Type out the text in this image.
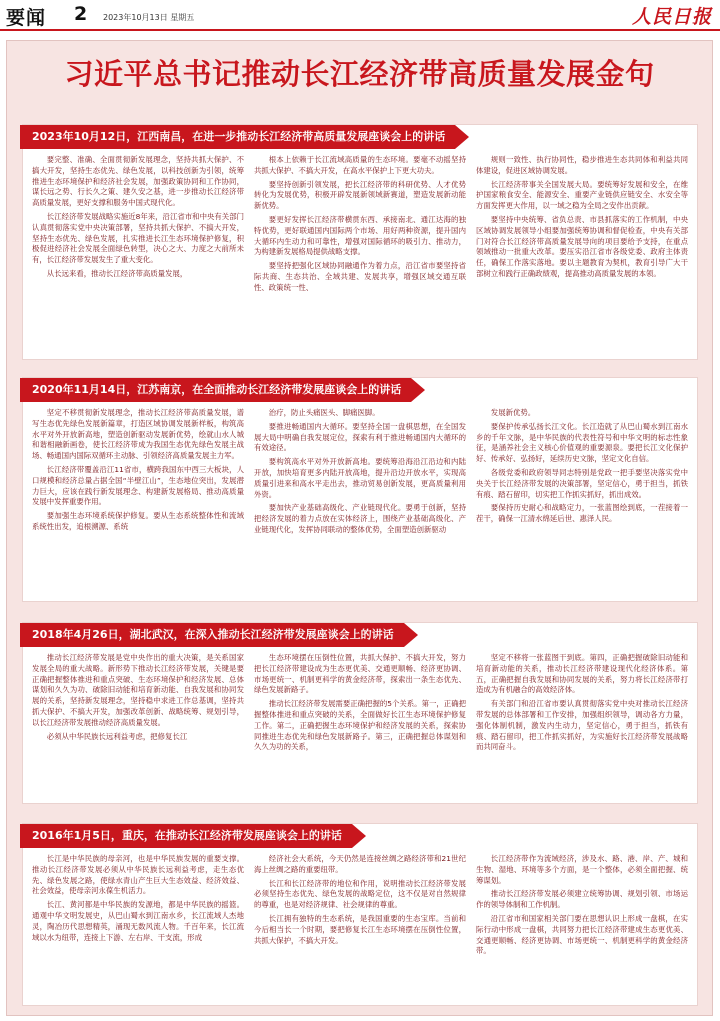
要闻 2 2023年10月13日 星期五	人民日报
习近平总书记推动长江经济带高质量发展金句
2023年10月12日，江西南昌，在进一步推动长江经济带高质量发展座谈会上的讲话

要完整、准确、全面贯彻新发展理念，坚持共抓大保护、不搞大开发，坚持生态优先、绿色发展，以科技创新为引领，统筹推进生态环境保护和经济社会发展，加强政策协同和工作协同，谋长远之势、行长久之策、建久安之基，进一步推动长江经济带高质量发展，更好支撑和服务中国式现代化。

长江经济带发展战略实施近8年来，沿江省市和中央有关部门认真贯彻落实党中央决策部署，坚持共抓大保护、不搞大开发，坚持生态优先、绿色发展，扎实推进长江生态环境保护修复，积极促进经济社会发展全面绿色转型，决心之大、力度之大前所未有，长江经济带发展发生了重大变化。

从长远来看，推动长江经济带高质量发展，

根本上依赖于长江流域高质量的生态环境。要毫不动摇坚持共抓大保护、不搞大开发，在高水平保护上下更大功夫。

要坚持创新引领发展，把长江经济带的科研优势、人才优势转化为发展优势，积极开辟发展新领域新赛道，塑造发展新动能新优势。

要更好发挥长江经济带横贯东西、承接南北、通江达海的独特优势，更好联通国内国际两个市场、用好两种资源，提升国内大循环内生动力和可靠性，增强对国际循环的吸引力、推动力，为构建新发展格局提供战略支撑。

要坚持把强化区域协同融通作为着力点，沿江省市要坚持省际共商、生态共治、全域共建、发展共享，增强区域交通互联性、政策统一性、

规则一致性、执行协同性，稳步推进生态共同体和利益共同体建设，促进区域协调发展。

长江经济带事关全国发展大局。要统筹好发展和安全，在维护国家粮食安全、能源安全、重要产业链供应链安全、水安全等方面发挥更大作用，以一域之稳为全局之安作出贡献。

要坚持中央统筹、省负总责、市县抓落实的工作机制，中央区域协调发展领导小组要加强统筹协调和督促检查，中央有关部门对符合长江经济带高质量发展导向的项目要给予支持，在重点领域推动一批重大改革。要压实沿江省市各级党委、政府主体责任，确保工作落实落地。要以主题教育为契机，教育引导广大干部树立和践行正确政绩观，提高推动高质量发展的本领。

2020年11月14日，江苏南京，在全面推动长江经济带发展座谈会上的讲话

坚定不移贯彻新发展理念，推动长江经济带高质量发展，谱写生态优先绿色发展新篇章，打造区域协调发展新样板，构筑高水平对外开放新高地，塑造创新驱动发展新优势，绘就山水人城和谐相融新画卷，使长江经济带成为我国生态优先绿色发展主战场、畅通国内国际双循环主动脉、引领经济高质量发展主力军。

长江经济带覆盖沿江11省市，横跨我国东中西三大板块，人口规模和经济总量占据全国“半壁江山”，生态地位突出，发展潜力巨大，应该在践行新发展理念、构建新发展格局、推动高质量发展中发挥重要作用。

要加强生态环境系统保护修复。要从生态系统整体性和流域系统性出发，追根溯源、系统

治疗，防止头痛医头、脚痛医脚。

要推进畅通国内大循环。要坚持全国一盘棋思想，在全国发展大局中明确自我发展定位，探索有利于推进畅通国内大循环的有效途径。

要构筑高水平对外开放新高地。要统筹沿海沿江沿边和内陆开放，加快培育更多内陆开放高地，提升沿边开放水平，实现高质量引进来和高水平走出去，推动贸易创新发展，更高质量利用外资。

要加快产业基础高级化、产业链现代化。要勇于创新，坚持把经济发展的着力点放在实体经济上，围绕产业基础高级化、产业链现代化，发挥协同联动的整体优势，全面塑造创新驱动

发展新优势。

要保护传承弘扬长江文化。长江造就了从巴山蜀水到江南水乡的千年文脉，是中华民族的代表性符号和中华文明的标志性象征，是涵养社会主义核心价值观的重要源泉。要把长江文化保护好、传承好、弘扬好，延续历史文脉，坚定文化自信。

各级党委和政府领导同志特别是党政一把手要坚决落实党中央关于长江经济带发展的决策部署，坚定信心，勇于担当，抓铁有痕、踏石留印，切实把工作抓实抓好，抓出成效。

要保持历史耐心和战略定力，一张蓝图绘到底，一茬接着一茬干，确保一江清水绵延后世、惠泽人民。

2018年4月26日，湖北武汉，在深入推动长江经济带发展座谈会上的讲话

推动长江经济带发展是党中央作出的重大决策，是关系国家发展全局的重大战略。新形势下推动长江经济带发展，关键是要正确把握整体推进和重点突破、生态环境保护和经济发展、总体谋划和久久为功、破除旧动能和培育新动能、自我发展和协同发展的关系，坚持新发展理念，坚持稳中求进工作总基调，坚持共抓大保护、不搞大开发，加强改革创新、战略统筹、规划引导，以长江经济带发展推动经济高质量发展。

必须从中华民族长远利益考虑，把修复长江

生态环境摆在压倒性位置，共抓大保护、不搞大开发，努力把长江经济带建设成为生态更优美、交通更顺畅、经济更协调、市场更统一、机制更科学的黄金经济带，探索出一条生态优先、绿色发展新路子。

推动长江经济带发展需要正确把握的5个关系。第一，正确把握整体推进和重点突破的关系，全面做好长江生态环境保护修复工作。第二，正确把握生态环境保护和经济发展的关系，探索协同推进生态优先和绿色发展新路子。第三，正确把握总体谋划和久久为功的关系，

坚定不移将一张蓝图干到底。第四，正确把握破除旧动能和培育新动能的关系，推动长江经济带建设现代化经济体系。第五，正确把握自我发展和协同发展的关系，努力将长江经济带打造成为有机融合的高效经济体。

有关部门和沿江省市要认真贯彻落实党中央对推动长江经济带发展的总体部署和工作安排，加强组织领导，调动各方力量，强化体制机制，激发内生动力，坚定信心，勇于担当，抓铁有痕、踏石留印，把工作抓实抓好，为实施好长江经济带发展战略而共同奋斗。

2016年1月5日，重庆，在推动长江经济带发展座谈会上的讲话

长江是中华民族的母亲河，也是中华民族发展的重要支撑。推动长江经济带发展必须从中华民族长远利益考虑，走生态优先、绿色发展之路，使绿水青山产生巨大生态效益、经济效益、社会效益，使母亲河永葆生机活力。

长江、黄河都是中华民族的发源地，都是中华民族的摇篮。通观中华文明发展史，从巴山蜀水到江南水乡，长江流域人杰地灵，陶冶历代思想精英，涌现无数风流人物。千百年来，长江流域以水为纽带，连接上下游、左右岸、干支流，形成

经济社会大系统，今天仍然是连接丝绸之路经济带和21世纪海上丝绸之路的重要纽带。

长江和长江经济带的地位和作用，说明推动长江经济带发展必须坚持生态优先、绿色发展的战略定位，这不仅是对自然规律的尊重，也是对经济规律、社会规律的尊重。

长江拥有独特的生态系统，是我国重要的生态宝库。当前和今后相当长一个时期，要把修复长江生态环境摆在压倒性位置，共抓大保护，不搞大开发。

长江经济带作为流域经济，涉及水、路、港、岸、产、城和生物、湿地、环境等多个方面，是一个整体，必须全面把握、统筹谋划。

推动长江经济带发展必须建立统筹协调、规划引领、市场运作的领导体制和工作机制。

沿江省市和国家相关部门要在思想认识上形成一盘棋，在实际行动中形成一盘棋，共同努力把长江经济带建成生态更优美、交通更顺畅、经济更协调、市场更统一、机制更科学的黄金经济带。
